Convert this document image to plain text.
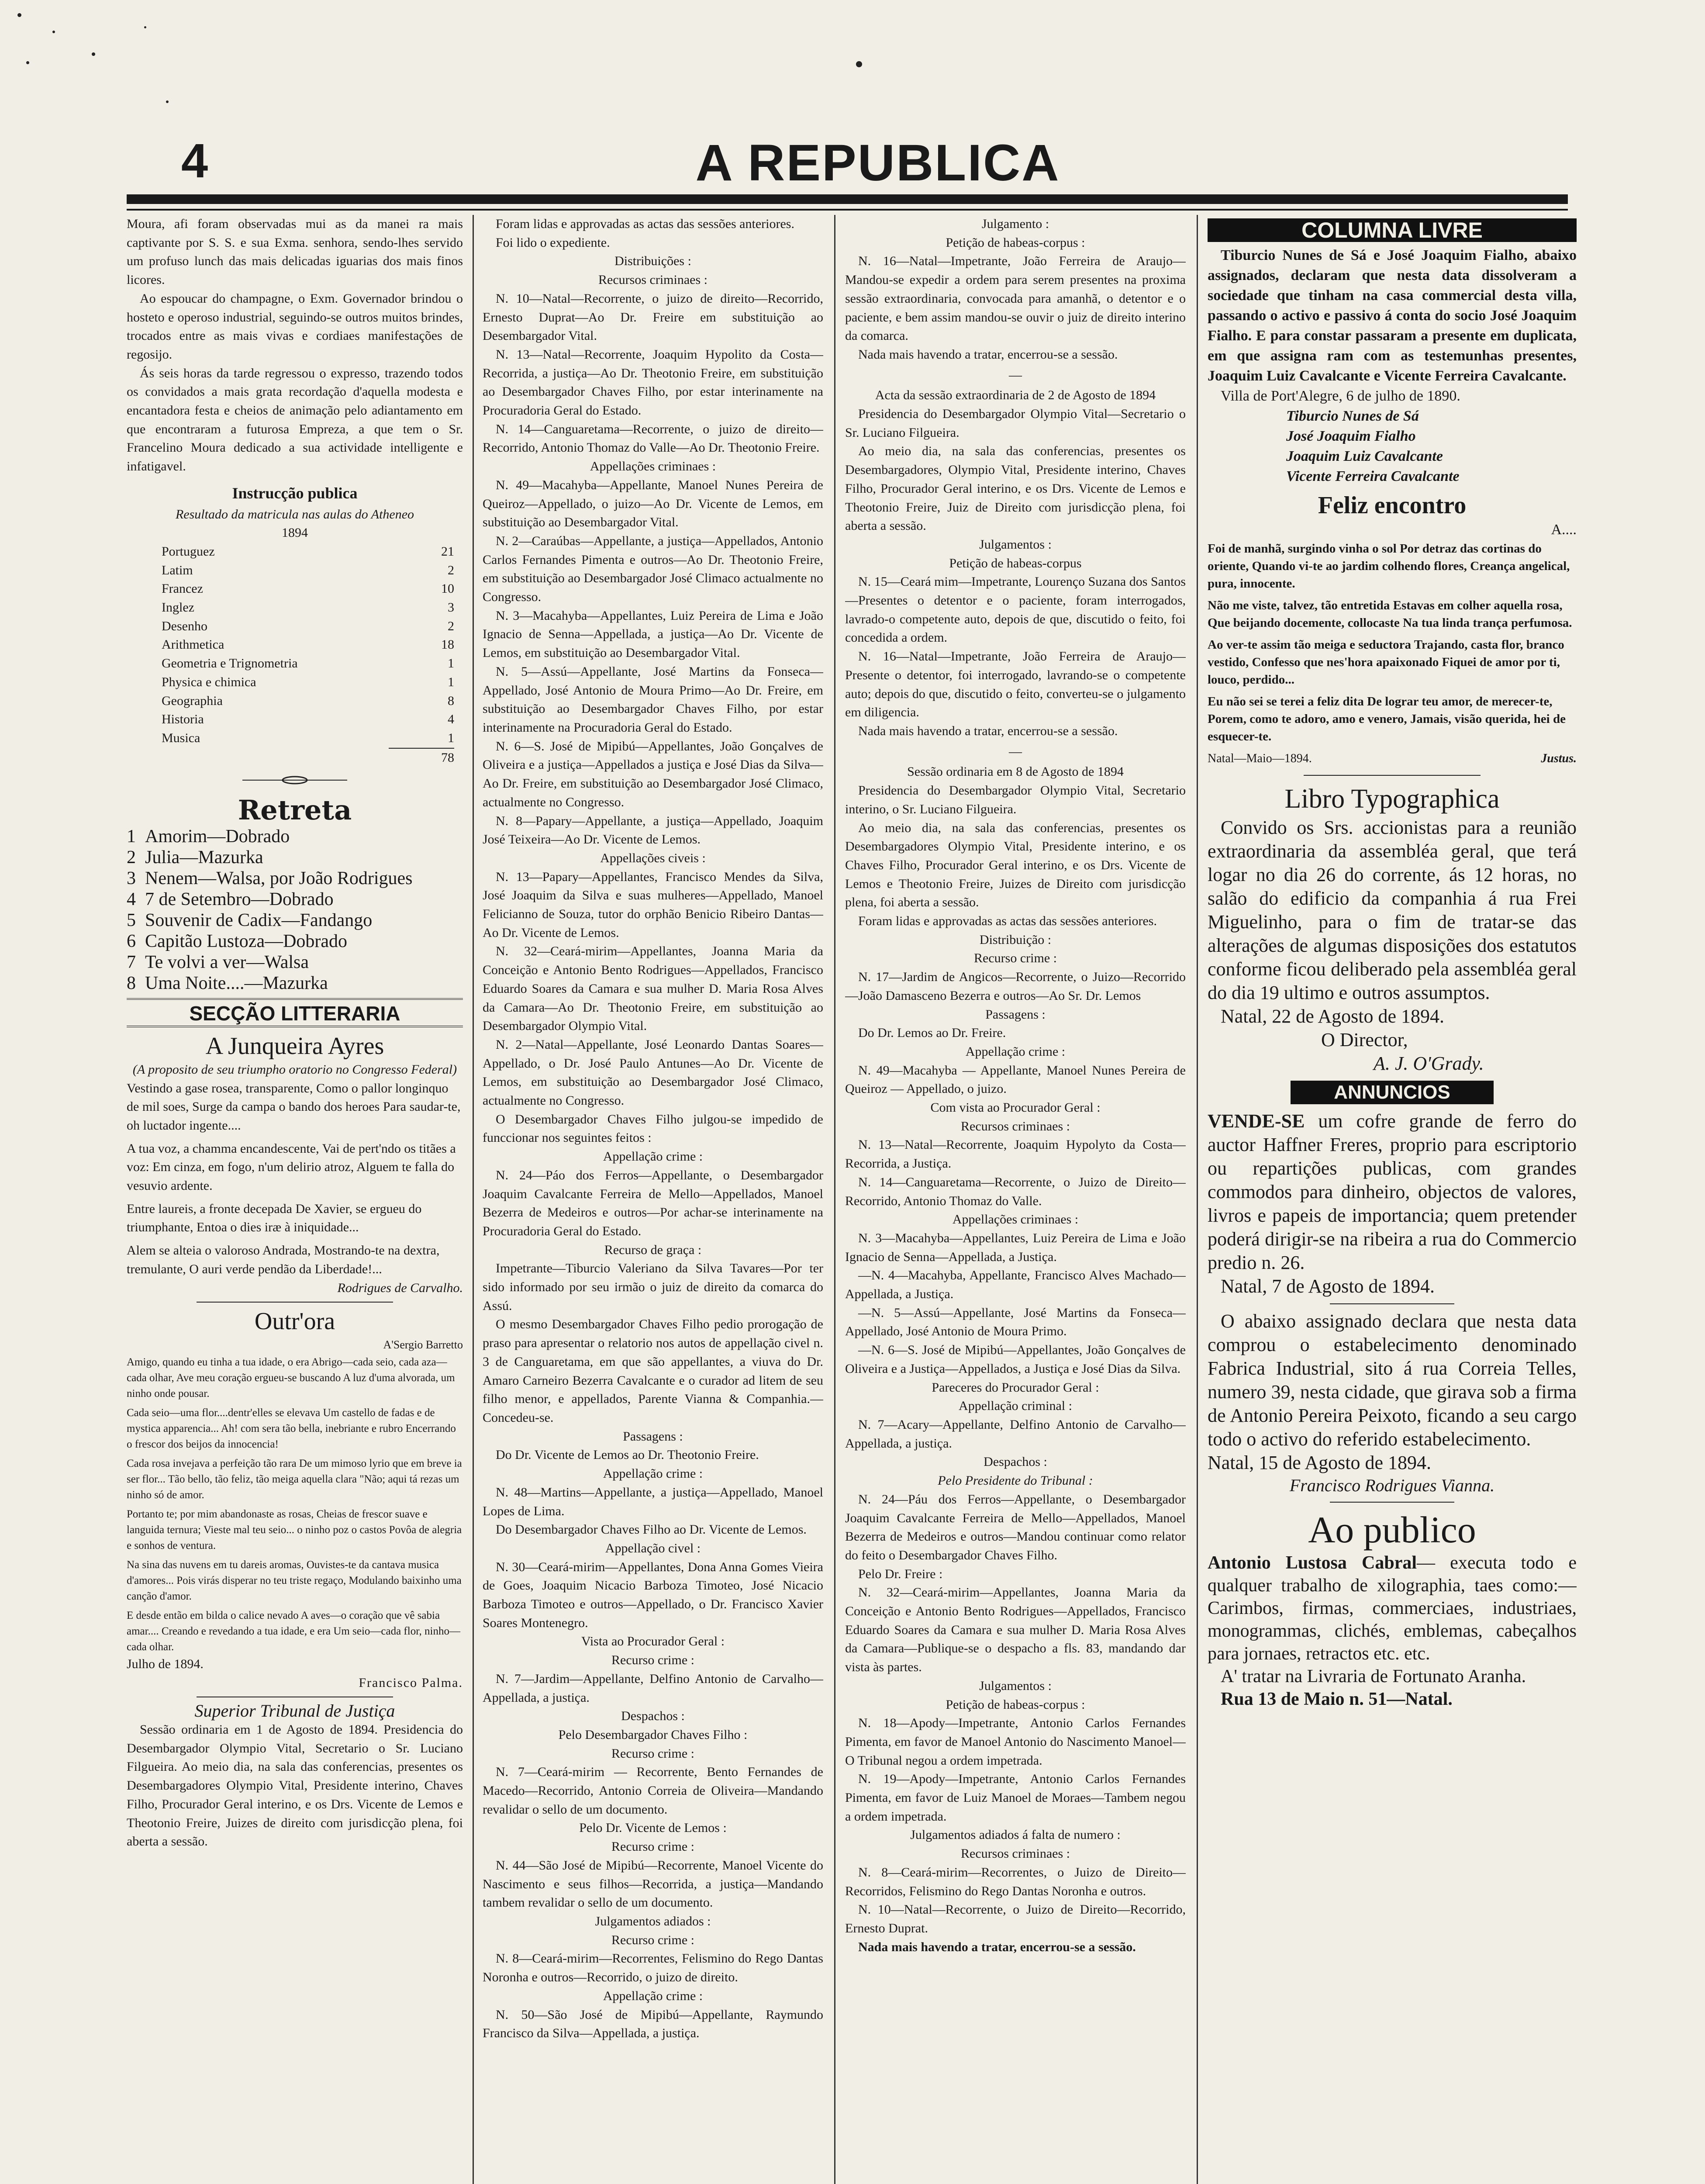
4	A REPUBLICA

Moura, afi foram observadas mui as da manei ra mais captivante por S. S. e sua Exma. senhora, sendo-lhes servido um profuso lunch das mais delicadas iguarias dos mais finos licores.

Ao espoucar do champagne, o Exm. Governador brindou o hosteto e operoso industrial, seguindo-se outros muitos brindes, trocados entre as mais vivas e cordiaes manifestações de regosijo.

Ás seis horas da tarde regressou o expresso, trazendo todos os convidados a mais grata recordação d'aquella modesta e encantadora festa e cheios de animação pelo adiantamento em que encontraram a futurosa Empreza, a que tem o Sr. Francelino Moura dedicado a sua actividade intelligente e infatigavel.

Instrucção publica

Resultado da matricula nas aulas do Atheneo

1894

Portuguez	21
Latim	2
Francez	10
Inglez	3
Desenho	2
Arithmetica	18
Geometria e Trignometria	1
Physica e chimica	1
Geographia	8
Historia	4
Musica	1
78

Retreta

1 Amorim—Dobrado

2 Julia—Mazurka

3 Nenem—Walsa, por João Rodrigues

4 7 de Setembro—Dobrado

5 Souvenir de Cadix—Fandango

6 Capitão Lustoza—Dobrado

7 Te volvi a ver—Walsa

8 Uma Noite....—Mazurka

SECÇÃO LITTERARIA

A Junqueira Ayres

(A proposito de seu triumpho oratorio no Congresso Federal)

Vestindo a gase rosea, transparente, Como o pallor longinquo de mil soes, Surge da campa o bando dos heroes Para saudar-te, oh luctador ingente....

A tua voz, a chamma encandescente, Vai de pert'ndo os titães a voz: Em cinza, em fogo, n'um delirio atroz, Alguem te falla do vesuvio ardente.

Entre laureis, a fronte decepada De Xavier, se ergueu do triumphante, Entoa o dies iræ à iniquidade...

Alem se alteia o valoroso Andrada, Mostrando-te na dextra, tremulante, O auri verde pendão da Liberdade!...

Rodrigues de Carvalho.

Outr'ora

A'Sergio Barretto

Amigo, quando eu tinha a tua idade, o era Abrigo—cada seio, cada aza—cada olhar, Ave meu coração ergueu-se buscando A luz d'uma alvorada, um ninho onde pousar.

Cada seio—uma flor....dentr'elles se elevava Um castello de fadas e de mystica apparencia... Ah! com sera tão bella, inebriante e rubro Encerrando o frescor dos beijos da innocencia!

Cada rosa invejava a perfeição tão rara De um mimoso lyrio que em breve ia ser flor... Tão bello, tão feliz, tão meiga aquella clara "Não; aqui tá rezas um ninho só de amor.

Portanto te; por mim abandonaste as rosas, Cheias de frescor suave e languida ternura; Vieste mal teu seio... o ninho poz o castos Povôa de alegria e sonhos de ventura.

Na sina das nuvens em tu dareis aromas, Ouvistes-te da cantava musica d'amores... Pois virás disperar no teu triste regaço, Modulando baixinho uma canção d'amor.

E desde então em bilda o calice nevado A aves—o coração que vê sabia amar.... Creando e revedando a tua idade, e era Um seio—cada flor, ninho—cada olhar.

Julho de 1894.

Francisco Palma.

Superior Tribunal de Justiça

Sessão ordinaria em 1 de Agosto de 1894. Presidencia do Desembargador Olympio Vital, Secretario o Sr. Luciano Filgueira. Ao meio dia, na sala das conferencias, presentes os Desembargadores Olympio Vital, Presidente interino, Chaves Filho, Procurador Geral interino, e os Drs. Vicente de Lemos e Theotonio Freire, Juizes de direito com jurisdicção plena, foi aberta a sessão.

Foram lidas e approvadas as actas das sessões anteriores.

Foi lido o expediente.

Distribuições :

Recursos criminaes :

N. 10—Natal—Recorrente, o juizo de direito—Recorrido, Ernesto Duprat—Ao Dr. Freire em substituição ao Desembargador Vital.

N. 13—Natal—Recorrente, Joaquim Hypolito da Costa—Recorrida, a justiça—Ao Dr. Theotonio Freire, em substituição ao Desembargador Chaves Filho, por estar interinamente na Procuradoria Geral do Estado.

N. 14—Canguaretama—Recorrente, o juizo de direito—Recorrido, Antonio Thomaz do Valle—Ao Dr. Theotonio Freire.

Appellações criminaes :

N. 49—Macahyba—Appellante, Manoel Nunes Pereira de Queiroz—Appellado, o juizo—Ao Dr. Vicente de Lemos, em substituição ao Desembargador Vital.

N. 2—Caraúbas—Appellante, a justiça—Appellados, Antonio Carlos Fernandes Pimenta e outros—Ao Dr. Theotonio Freire, em substituição ao Desembargador José Climaco actualmente no Congresso.

N. 3—Macahyba—Appellantes, Luiz Pereira de Lima e João Ignacio de Senna—Appellada, a justiça—Ao Dr. Vicente de Lemos, em substituição ao Desembargador Vital.

N. 5—Assú—Appellante, José Martins da Fonseca—Appellado, José Antonio de Moura Primo—Ao Dr. Freire, em substituição ao Desembargador Chaves Filho, por estar interinamente na Procuradoria Geral do Estado.

N. 6—S. José de Mipibú—Appellantes, João Gonçalves de Oliveira e a justiça—Appellados a justiça e José Dias da Silva—Ao Dr. Freire, em substituição ao Desembargador José Climaco, actualmente no Congresso.

N. 8—Papary—Appellante, a justiça—Appellado, Joaquim José Teixeira—Ao Dr. Vicente de Lemos.

Appellações civeis :

N. 13—Papary—Appellantes, Francisco Mendes da Silva, José Joaquim da Silva e suas mulheres—Appellado, Manoel Felicianno de Souza, tutor do orphão Benicio Ribeiro Dantas—Ao Dr. Vicente de Lemos.

N. 32—Ceará-mirim—Appellantes, Joanna Maria da Conceição e Antonio Bento Rodrigues—Appellados, Francisco Eduardo Soares da Camara e sua mulher D. Maria Rosa Alves da Camara—Ao Dr. Theotonio Freire, em substituição ao Desembargador Olympio Vital.

N. 2—Natal—Appellante, José Leonardo Dantas Soares—Appellado, o Dr. José Paulo Antunes—Ao Dr. Vicente de Lemos, em substituição ao Desembargador José Climaco, actualmente no Congresso.

O Desembargador Chaves Filho julgou-se impedido de funccionar nos seguintes feitos :

Appellação crime :

N. 24—Páo dos Ferros—Appellante, o Desembargador Joaquim Cavalcante Ferreira de Mello—Appellados, Manoel Bezerra de Medeiros e outros—Por achar-se interinamente na Procuradoria Geral do Estado.

Recurso de graça :

Impetrante—Tiburcio Valeriano da Silva Tavares—Por ter sido informado por seu irmão o juiz de direito da comarca do Assú.

O mesmo Desembargador Chaves Filho pedio prorogação de praso para apresentar o relatorio nos autos de appellação civel n. 3 de Canguaretama, em que são appellantes, a viuva do Dr. Amaro Carneiro Bezerra Cavalcante e o curador ad litem de seu filho menor, e appellados, Parente Vianna & Companhia.—Concedeu-se.

Passagens :

Do Dr. Vicente de Lemos ao Dr. Theotonio Freire.

Appellação crime :

N. 48—Martins—Appellante, a justiça—Appellado, Manoel Lopes de Lima.

Do Desembargador Chaves Filho ao Dr. Vicente de Lemos.

Appellação civel :

N. 30—Ceará-mirim—Appellantes, Dona Anna Gomes Vieira de Goes, Joaquim Nicacio Barboza Timoteo, José Nicacio Barboza Timoteo e outros—Appellado, o Dr. Francisco Xavier Soares Montenegro.

Vista ao Procurador Geral :

Recurso crime :

N. 7—Jardim—Appellante, Delfino Antonio de Carvalho—Appellada, a justiça.

Despachos :

Pelo Desembargador Chaves Filho :

Recurso crime :

N. 7—Ceará-mirim — Recorrente, Bento Fernandes de Macedo—Recorrido, Antonio Correia de Oliveira—Mandando revalidar o sello de um documento.

Pelo Dr. Vicente de Lemos :

Recurso crime :

N. 44—São José de Mipibú—Recorrente, Manoel Vicente do Nascimento e seus filhos—Recorrida, a justiça—Mandando tambem revalidar o sello de um documento.

Julgamentos adiados :

Recurso crime :

N. 8—Ceará-mirim—Recorrentes, Felismino do Rego Dantas Noronha e outros—Recorrido, o juizo de direito.

Appellação crime :

N. 50—São José de Mipibú—Appellante, Raymundo Francisco da Silva—Appellada, a justiça.

Julgamento :

Petição de habeas-corpus :

N. 16—Natal—Impetrante, João Ferreira de Araujo—Mandou-se expedir a ordem para serem presentes na proxima sessão extraordinaria, convocada para amanhã, o detentor e o paciente, e bem assim mandou-se ouvir o juiz de direito interino da comarca.

Nada mais havendo a tratar, encerrou-se a sessão.

—

Acta da sessão extraordinaria de 2 de Agosto de 1894

Presidencia do Desembargador Olympio Vital—Secretario o Sr. Luciano Filgueira.

Ao meio dia, na sala das conferencias, presentes os Desembargadores, Olympio Vital, Presidente interino, Chaves Filho, Procurador Geral interino, e os Drs. Vicente de Lemos e Theotonio Freire, Juiz de Direito com jurisdicção plena, foi aberta a sessão.

Julgamentos :

Petição de habeas-corpus

N. 15—Ceará mim—Impetrante, Lourenço Suzana dos Santos—Presentes o detentor e o paciente, foram interrogados, lavrado-o competente auto, depois de que, discutido o feito, foi concedida a ordem.

N. 16—Natal—Impetrante, João Ferreira de Araujo—Presente o detentor, foi interrogado, lavrando-se o competente auto; depois do que, discutido o feito, converteu-se o julgamento em diligencia.

Nada mais havendo a tratar, encerrou-se a sessão.

—

Sessão ordinaria em 8 de Agosto de 1894

Presidencia do Desembargador Olympio Vital, Secretario interino, o Sr. Luciano Filgueira.

Ao meio dia, na sala das conferencias, presentes os Desembargadores Olympio Vital, Presidente interino, e os Chaves Filho, Procurador Geral interino, e os Drs. Vicente de Lemos e Theotonio Freire, Juizes de Direito com jurisdicção plena, foi aberta a sessão.

Foram lidas e approvadas as actas das sessões anteriores.

Distribuição :

Recurso crime :

N. 17—Jardim de Angicos—Recorrente, o Juizo—Recorrido—João Damasceno Bezerra e outros—Ao Sr. Dr. Lemos

Passagens :

Do Dr. Lemos ao Dr. Freire.

Appellação crime :

N. 49—Macahyba — Appellante, Manoel Nunes Pereira de Queiroz — Appellado, o juizo.

Com vista ao Procurador Geral :

Recursos criminaes :

N. 13—Natal—Recorrente, Joaquim Hypolyto da Costa—Recorrida, a Justiça.

N. 14—Canguaretama—Recorrente, o Juizo de Direito—Recorrido, Antonio Thomaz do Valle.

Appellações criminaes :

N. 3—Macahyba—Appellantes, Luiz Pereira de Lima e João Ignacio de Senna—Appellada, a Justiça.

—N. 4—Macahyba, Appellante, Francisco Alves Machado—Appellada, a Justiça.

—N. 5—Assú—Appellante, José Martins da Fonseca—Appellado, José Antonio de Moura Primo.

—N. 6—S. José de Mipibú—Appellantes, João Gonçalves de Oliveira e a Justiça—Appellados, a Justiça e José Dias da Silva.

Pareceres do Procurador Geral :

Appellação criminal :

N. 7—Acary—Appellante, Delfino Antonio de Carvalho—Appellada, a justiça.

Despachos :

Pelo Presidente do Tribunal :

N. 24—Páu dos Ferros—Appellante, o Desembargador Joaquim Cavalcante Ferreira de Mello—Appellados, Manoel Bezerra de Medeiros e outros—Mandou continuar como relator do feito o Desembargador Chaves Filho.

Pelo Dr. Freire :

N. 32—Ceará-mirim—Appellantes, Joanna Maria da Conceição e Antonio Bento Rodrigues—Appellados, Francisco Eduardo Soares da Camara e sua mulher D. Maria Rosa Alves da Camara—Publique-se o despacho a fls. 83, mandando dar vista às partes.

Julgamentos :

Petição de habeas-corpus :

N. 18—Apody—Impetrante, Antonio Carlos Fernandes Pimenta, em favor de Manoel Antonio do Nascimento Manoel—O Tribunal negou a ordem impetrada.

N. 19—Apody—Impetrante, Antonio Carlos Fernandes Pimenta, em favor de Luiz Manoel de Moraes—Tambem negou a ordem impetrada.

Julgamentos adiados á falta de numero :

Recursos criminaes :

N. 8—Ceará-mirim—Recorrentes, o Juizo de Direito—Recorridos, Felismino do Rego Dantas Noronha e outros.

N. 10—Natal—Recorrente, o Juizo de Direito—Recorrido, Ernesto Duprat.

Nada mais havendo a tratar, encerrou-se a sessão.

COLUMNA LIVRE

Tiburcio Nunes de Sá e José Joaquim Fialho, abaixo assignados, declaram que nesta data dissolveram a sociedade que tinham na casa commercial desta villa, passando o activo e passivo á conta do socio José Joaquim Fialho. E para constar passaram a presente em duplicata, em que assigna ram com as testemunhas presentes, Joaquim Luiz Cavalcante e Vicente Ferreira Cavalcante.

Villa de Port'Alegre, 6 de julho de 1890.

Tiburcio Nunes de Sá

José Joaquim Fialho

Joaquim Luiz Cavalcante

Vicente Ferreira Cavalcante

Feliz encontro

A....

Foi de manhã, surgindo vinha o sol Por detraz das cortinas do oriente, Quando vi-te ao jardim colhendo flores, Creança angelical, pura, innocente.

Não me viste, talvez, tão entretida Estavas em colher aquella rosa, Que beijando docemente, collocaste Na tua linda trança perfumosa.

Ao ver-te assim tão meiga e seductora Trajando, casta flor, branco vestido, Confesso que nes'hora apaixonado Fiquei de amor por ti, louco, perdido...

Eu não sei se terei a feliz dita De lograr teu amor, de merecer-te, Porem, como te adoro, amo e venero, Jamais, visão querida, hei de esquecer-te.

Natal—Maio—1894.	Justus.

Libro Typographica

Convido os Srs. accionistas para a reunião extraordinaria da assembléa geral, que terá logar no dia 26 do corrente, ás 12 horas, no salão do edificio da companhia á rua Frei Miguelinho, para o fim de tratar-se das alterações de algumas disposições dos estatutos conforme ficou deliberado pela assembléa geral do dia 19 ultimo e outros assumptos.

Natal, 22 de Agosto de 1894.

O Director,

A. J. O'Grady.

ANNUNCIOS

VENDE-SE um cofre grande de ferro do auctor Haffner Freres, proprio para escriptorio ou repartições publicas, com grandes commodos para dinheiro, objectos de valores, livros e papeis de importancia; quem pretender poderá dirigir-se na ribeira a rua do Commercio predio n. 26.

Natal, 7 de Agosto de 1894.

O abaixo assignado declara que nesta data comprou o estabelecimento denominado Fabrica Industrial, sito á rua Correia Telles, numero 39, nesta cidade, que girava sob a firma de Antonio Pereira Peixoto, ficando a seu cargo todo o activo do referido estabelecimento.

Natal, 15 de Agosto de 1894.

Francisco Rodrigues Vianna.

Ao publico

Antonio Lustosa Cabral— executa todo e qualquer trabalho de xilographia, taes como:—Carimbos, firmas, commerciaes, industriaes, monogrammas, clichés, emblemas, cabeçalhos para jornaes, retractos etc. etc.

A' tratar na Livraria de Fortunato Aranha.

Rua 13 de Maio n. 51—Natal.
